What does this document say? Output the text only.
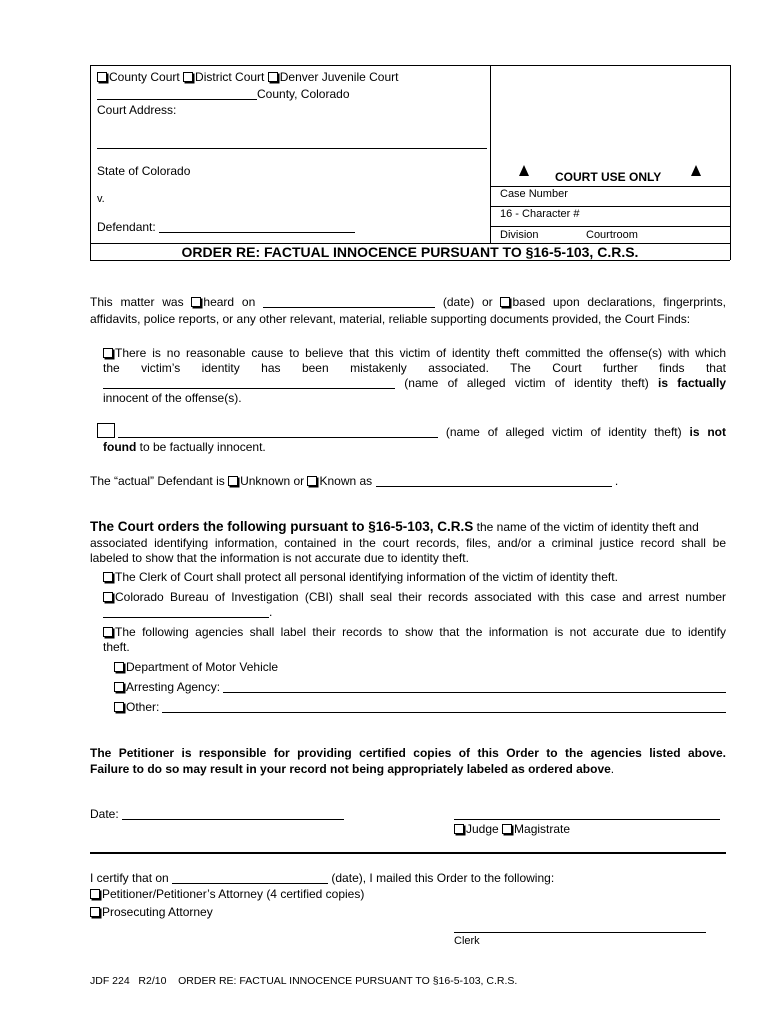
County Court District Court Denver Juvenile Court
County, Colorado
Court Address:
State of Colorado
v.
Defendant:
COURT USE ONLY
Case Number
16 - Character #
Division	Courtroom
ORDER RE: FACTUAL INNOCENCE PURSUANT TO §16-5-103, C.R.S.
This matter was heard on	(date) or based upon declarations, fingerprints,
affidavits, police reports, or any other relevant, material, reliable supporting documents provided, the Court Finds:
There is no reasonable cause to believe that this victim of identity theft committed the offense(s) with which
the victim’s identity has been mistakenly associated. The Court further finds that
(name of alleged victim of identity theft) is factually
innocent of the offense(s).
(name of alleged victim of identity theft) is not
found to be factually innocent.
The “actual” Defendant is Unknown or Known as	.
The Court orders the following pursuant to §16-5-103, C.R.S the name of the victim of identity theft and
associated identifying information, contained in the court records, files, and/or a criminal justice record shall be
labeled to show that the information is not accurate due to identity theft.
The Clerk of Court shall protect all personal identifying information of the victim of identity theft.
Colorado Bureau of Investigation (CBI) shall seal their records associated with this case and arrest number
.
The following agencies shall label their records to show that the information is not accurate due to identify
theft.
Department of Motor Vehicle
Arresting Agency:
Other:
The Petitioner is responsible for providing certified copies of this Order to the agencies listed above.
Failure to do so may result in your record not being appropriately labeled as ordered above.
Date:
Judge Magistrate
I certify that on	(date), I mailed this Order to the following:
Petitioner/Petitioner’s Attorney (4 certified copies)
Prosecuting Attorney
Clerk
JDF 224   R2/10    ORDER RE: FACTUAL INNOCENCE PURSUANT TO §16-5-103, C.R.S.
